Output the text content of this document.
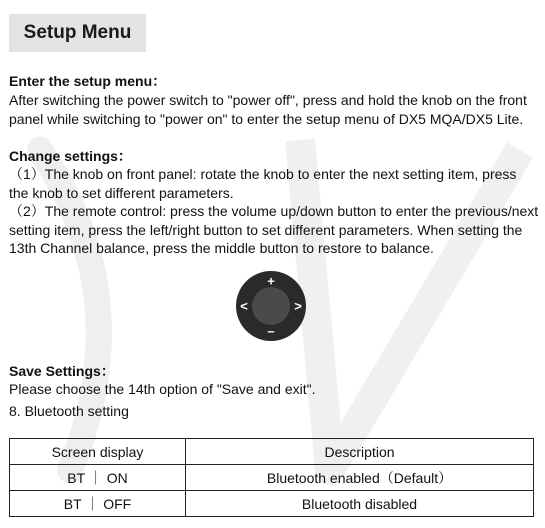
Setup Menu
Enter the setup menu：
After switching the power switch to "power off", press and hold the knob on the front panel while switching to "power on" to enter the setup menu of DX5 MQA/DX5 Lite.
Change settings：
（1）The knob on front panel: rotate the knob to enter the next setting item, press the knob to set different parameters.
（2）The remote control: press the volume up/down button to enter the previous/next setting item, press the left/right button to set different parameters. When setting the 13th Channel balance, press the middle button to restore to balance.
+
–
<	>
Save Settings：
Please choose the 14th option of "Save and exit".
8. Bluetooth setting
Screen display	Description
BT ｜ ON	Bluetooth enabled（Default）
BT ｜ OFF	Bluetooth disabled
